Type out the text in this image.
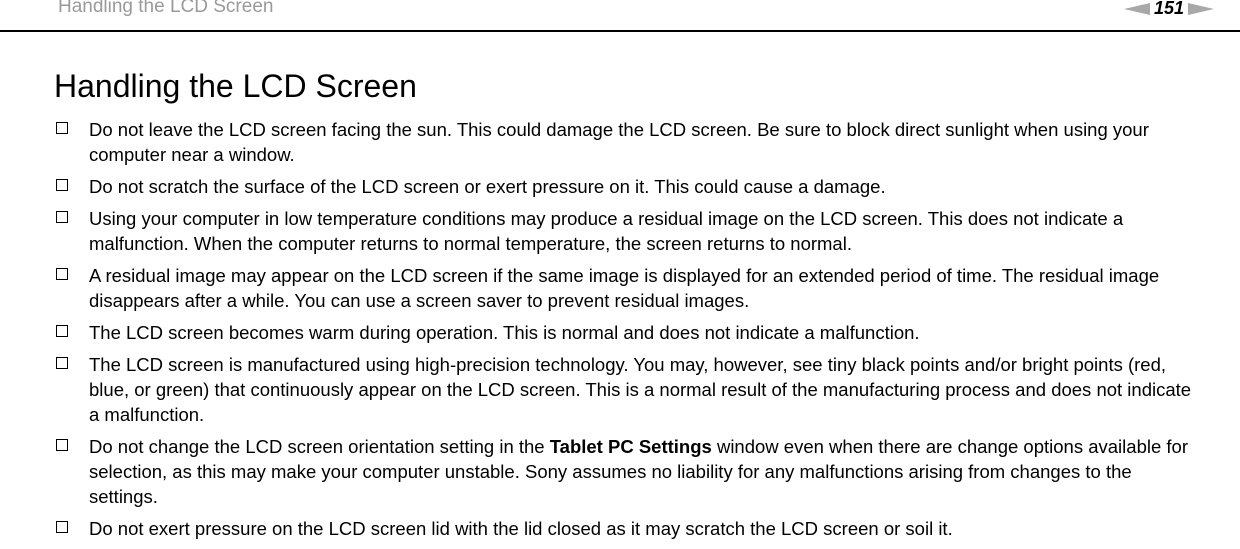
Handling the LCD Screen	151
Handling the LCD Screen
Do not leave the LCD screen facing the sun. This could damage the LCD screen. Be sure to block direct sunlight when using your computer near a window.
Do not scratch the surface of the LCD screen or exert pressure on it. This could cause a damage.
Using your computer in low temperature conditions may produce a residual image on the LCD screen. This does not indicate a malfunction. When the computer returns to normal temperature, the screen returns to normal.
A residual image may appear on the LCD screen if the same image is displayed for an extended period of time. The residual image disappears after a while. You can use a screen saver to prevent residual images.
The LCD screen becomes warm during operation. This is normal and does not indicate a malfunction.
The LCD screen is manufactured using high-precision technology. You may, however, see tiny black points and/or bright points (red, blue, or green) that continuously appear on the LCD screen. This is a normal result of the manufacturing process and does not indicate a malfunction.
Do not change the LCD screen orientation setting in the Tablet PC Settings window even when there are change options available for selection, as this may make your computer unstable. Sony assumes no liability for any malfunctions arising from changes to the settings.
Do not exert pressure on the LCD screen lid with the lid closed as it may scratch the LCD screen or soil it.
